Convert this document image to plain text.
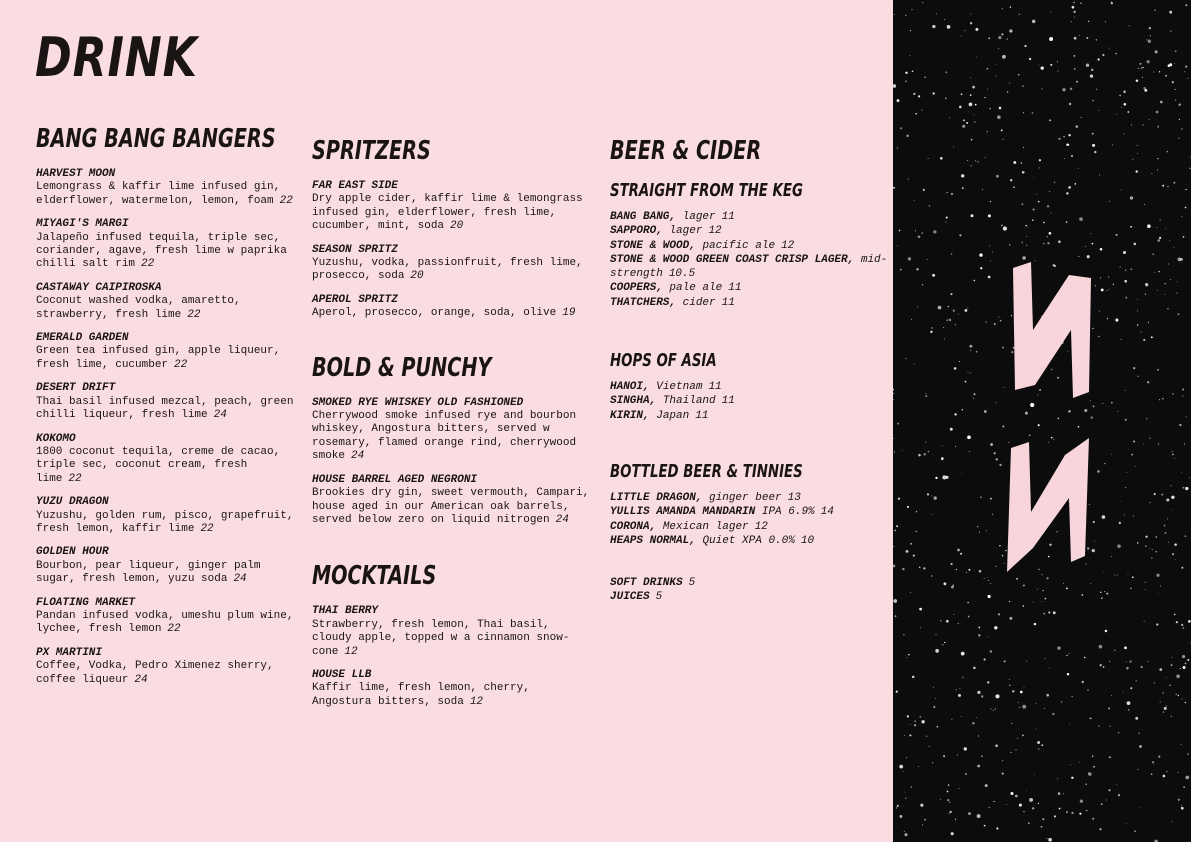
DRINK
BANG BANG BANGERS
HARVEST MOON
Lemongrass & kaffir lime infused gin, elderflower, watermelon, lemon, foam 22
MIYAGI'S MARGI
Jalapeño infused tequila, triple sec, coriander, agave, fresh lime w paprika chilli salt rim 22
CASTAWAY CAIPIROSKA
Coconut washed vodka, amaretto, strawberry, fresh lime 22
EMERALD GARDEN
Green tea infused gin, apple liqueur, fresh lime, cucumber 22
DESERT DRIFT
Thai basil infused mezcal, peach, green chilli liqueur, fresh lime 24
KOKOMO
1800 coconut tequila, creme de cacao, triple sec, coconut cream, fresh lime 22
YUZU DRAGON
Yuzushu, golden rum, pisco, grapefruit, fresh lemon, kaffir lime 22
GOLDEN HOUR
Bourbon, pear liqueur, ginger palm sugar, fresh lemon, yuzu soda 24
FLOATING MARKET
Pandan infused vodka, umeshu plum wine, lychee, fresh lemon 22
PX MARTINI
Coffee, Vodka, Pedro Ximenez sherry, coffee liqueur 24
SPRITZERS
FAR EAST SIDE
Dry apple cider, kaffir lime & lemongrass infused gin, elderflower, fresh lime, cucumber, mint, soda 20
SEASON SPRITZ
Yuzushu, vodka, passionfruit, fresh lime, prosecco, soda 20
APEROL SPRITZ
Aperol, prosecco, orange, soda, olive 19
BOLD & PUNCHY
SMOKED RYE WHISKEY OLD FASHIONED
Cherrywood smoke infused rye and bourbon whiskey, Angostura bitters, served w rosemary, flamed orange rind, cherrywood smoke 24
HOUSE BARREL AGED NEGRONI
Brookies dry gin, sweet vermouth, Campari, house aged in our American oak barrels, served below zero on liquid nitrogen 24
MOCKTAILS
THAI BERRY
Strawberry, fresh lemon, Thai basil, cloudy apple, topped w a cinnamon snow-cone 12
HOUSE LLB
Kaffir lime, fresh lemon, cherry, Angostura bitters, soda 12
BEER & CIDER
STRAIGHT FROM THE KEG

BANG BANG, lager 11

SAPPORO, lager 12

STONE & WOOD, pacific ale 12

STONE & WOOD GREEN COAST CRISP LAGER, mid-strength 10.5

COOPERS, pale ale 11

THATCHERS, cider 11

HOPS OF ASIA

HANOI, Vietnam 11

SINGHA, Thailand 11

KIRIN, Japan 11

BOTTLED BEER & TINNIES

LITTLE DRAGON, ginger beer 13

YULLIS AMANDA MANDARIN IPA 6.9% 14

CORONA, Mexican lager 12

HEAPS NORMAL, Quiet XPA 0.0% 10

SOFT DRINKS 5

JUICES 5
